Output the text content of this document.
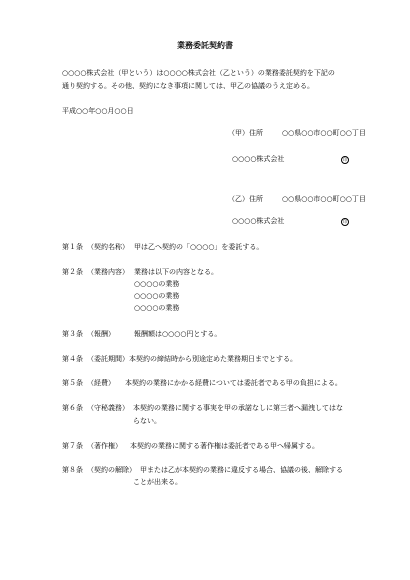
業務委託契約書
○○○○株式会社（甲という）は○○○○株式会社（乙という）の業務委託契約を下記の
通り契約する。その他、契約になき事項に関しては、甲乙の協議のうえ定める。
平成○○年○○月○○日
（甲）住所	○○県○○市○○町○○丁目
○○○○株式会社	印
（乙）住所	○○県○○市○○町○○丁目
○○○○株式会社	印
第１条 （契約名称） 甲は乙へ契約の「○○○○」を委託する。
第２条 （業務内容） 業務は以下の内容となる。
○○○○の業務
○○○○の業務
○○○○の業務
第３条 （報酬）	報酬額は○○○○円とする。
第４条 （委託期間） 本契約の締結時から別途定めた業務期日までとする。
第５条 （経費） 本契約の業務にかかる経費については委託者である甲の負担による。
第６条 （守秘義務） 本契約の業務に関する事実を甲の承諾なしに第三者へ漏洩してはな
らない。
第７条 （著作権） 本契約の業務に関する著作権は委託者である甲へ帰属する。
第８条 （契約の解除） 甲または乙が本契約の業務に違反する場合、協議の後、解除する
ことが出来る。
